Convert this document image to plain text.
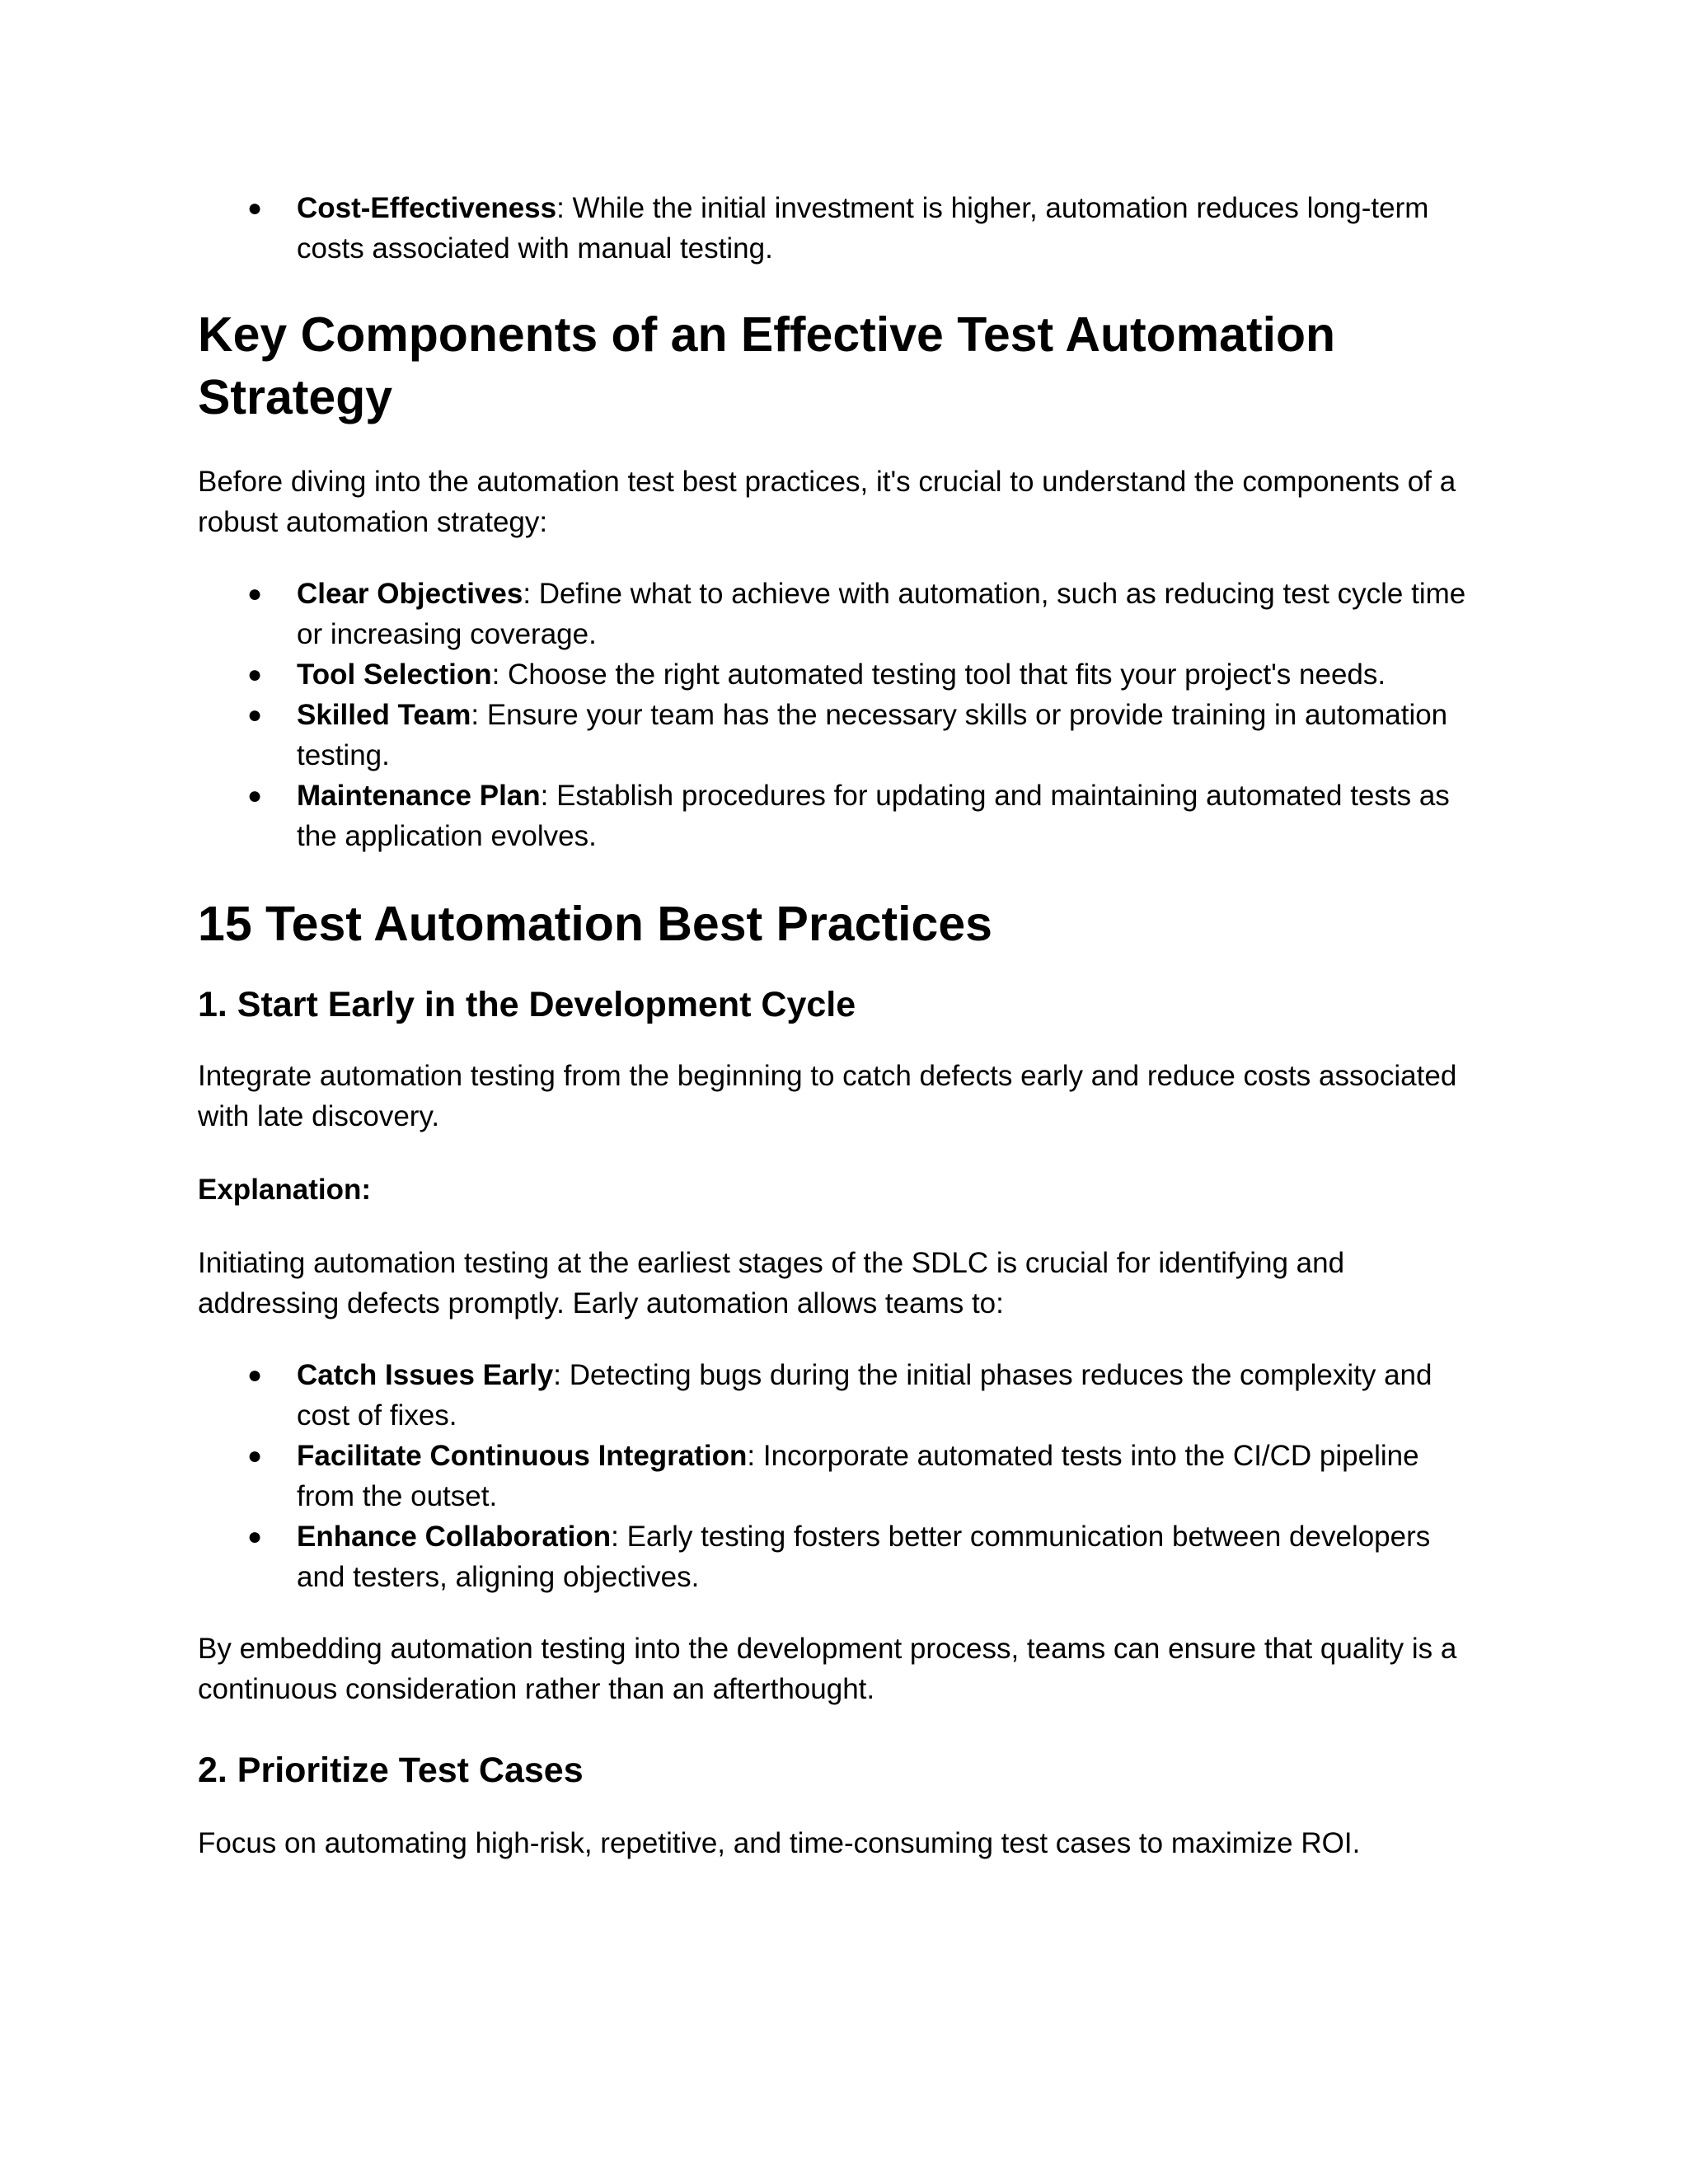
● Cost-Effectiveness: While the initial investment is higher, automation reduces long-term costs associated with manual testing.
Key Components of an Effective Test Automation Strategy

Before diving into the automation test best practices, it's crucial to understand the components of a robust automation strategy:

● Clear Objectives: Define what to achieve with automation, such as reducing test cycle time or increasing coverage.
● Tool Selection: Choose the right automated testing tool that fits your project's needs.
● Skilled Team: Ensure your team has the necessary skills or provide training in automation testing.
● Maintenance Plan: Establish procedures for updating and maintaining automated tests as the application evolves.
15 Test Automation Best Practices
1. Start Early in the Development Cycle

Integrate automation testing from the beginning to catch defects early and reduce costs associated with late discovery.

Explanation:

Initiating automation testing at the earliest stages of the SDLC is crucial for identifying and addressing defects promptly. Early automation allows teams to:

● Catch Issues Early: Detecting bugs during the initial phases reduces the complexity and cost of fixes.
● Facilitate Continuous Integration: Incorporate automated tests into the CI/CD pipeline from the outset.
● Enhance Collaboration: Early testing fosters better communication between developers and testers, aligning objectives.

By embedding automation testing into the development process, teams can ensure that quality is a continuous consideration rather than an afterthought.

2. Prioritize Test Cases

Focus on automating high-risk, repetitive, and time-consuming test cases to maximize ROI.
